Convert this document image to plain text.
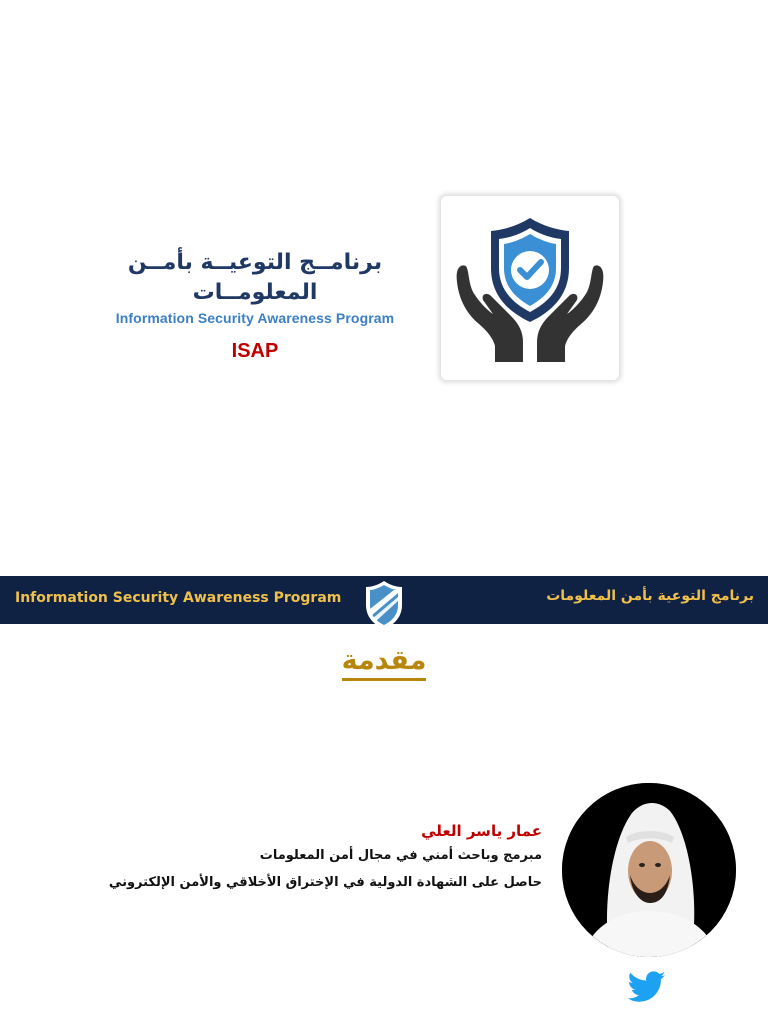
برنامــج التوعيــة بأمــن المعلومــات

Information Security Awareness Program

ISAP
Information Security Awareness Program	برنامج التوعية بأمن المعلومات
مقدمة

عمار ياسر العلي

مبرمج وباحث أمني في مجال أمن المعلومات

حاصل على الشهادة الدولية في الإختراق الأخلاقي والأمن الإلكتروني
